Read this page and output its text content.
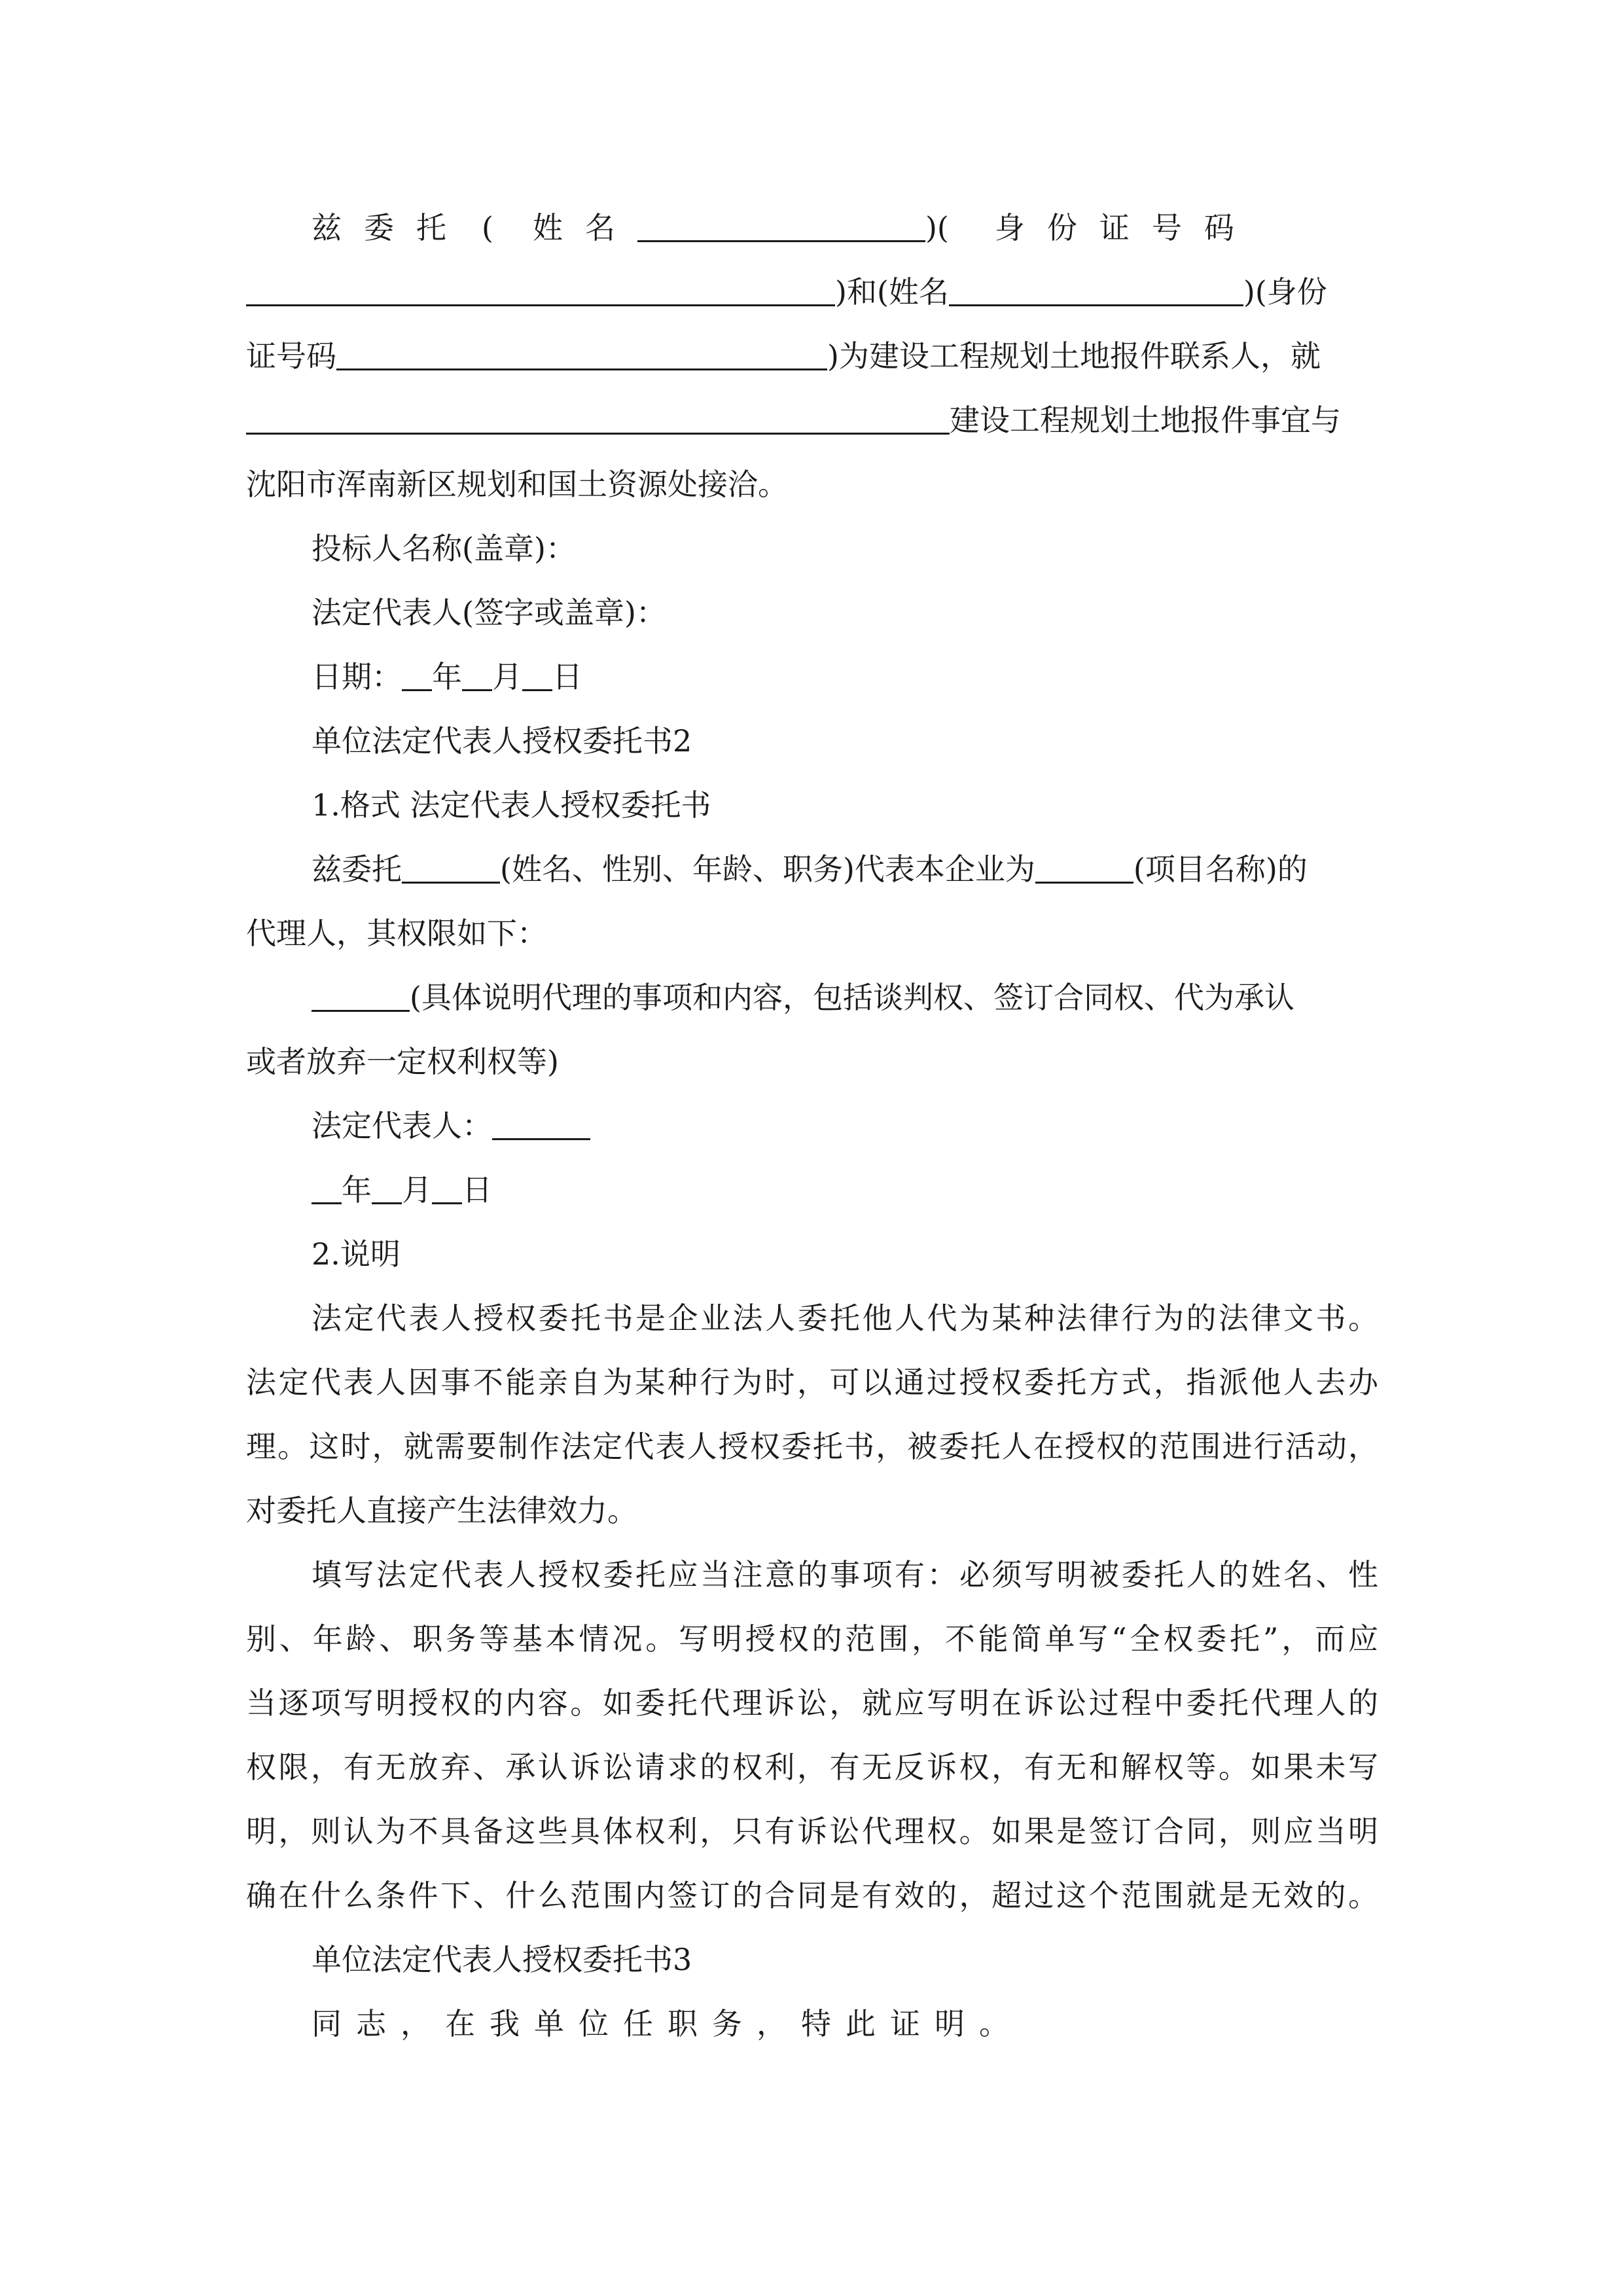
兹委托 ( 姓名	)( 身份证号码
)和(姓名	)(身份
证号码	)为建设工程规划土地报件联系人，就
建设工程规划土地报件事宜与
沈阳市浑南新区规划和国土资源处接洽。
投标人名称(盖章)：
法定代表人(签字或盖章)：
日期： 年 月 日
单位法定代表人授权委托书2
1.格式 法定代表人授权委托书
兹委托	(姓名、性别、年龄、职务)代表本企业为	(项目名称)的
代理人，其权限如下：
(具体说明代理的事项和内容，包括谈判权、签订合同权、代为承认
或者放弃一定权利权等)
法定代表人：
年 月 日
2.说明
法定代表人授权委托书是企业法人委托他人代为某种法律行为的法律文书。
法定代表人因事不能亲自为某种行为时，可以通过授权委托方式，指派他人去办
理。这时，就需要制作法定代表人授权委托书，被委托人在授权的范围进行活动，
对委托人直接产生法律效力。
填写法定代表人授权委托应当注意的事项有：必须写明被委托人的姓名、性
别、年龄、职务等基本情况。写明授权的范围，不能简单写“全权委托”，而应
当逐项写明授权的内容。如委托代理诉讼，就应写明在诉讼过程中委托代理人的
权限，有无放弃、承认诉讼请求的权利，有无反诉权，有无和解权等。如果未写
明，则认为不具备这些具体权利，只有诉讼代理权。如果是签订合同，则应当明
确在什么条件下、什么范围内签订的合同是有效的，超过这个范围就是无效的。
单位法定代表人授权委托书3
同志，在我单位任职务，特此证明。
